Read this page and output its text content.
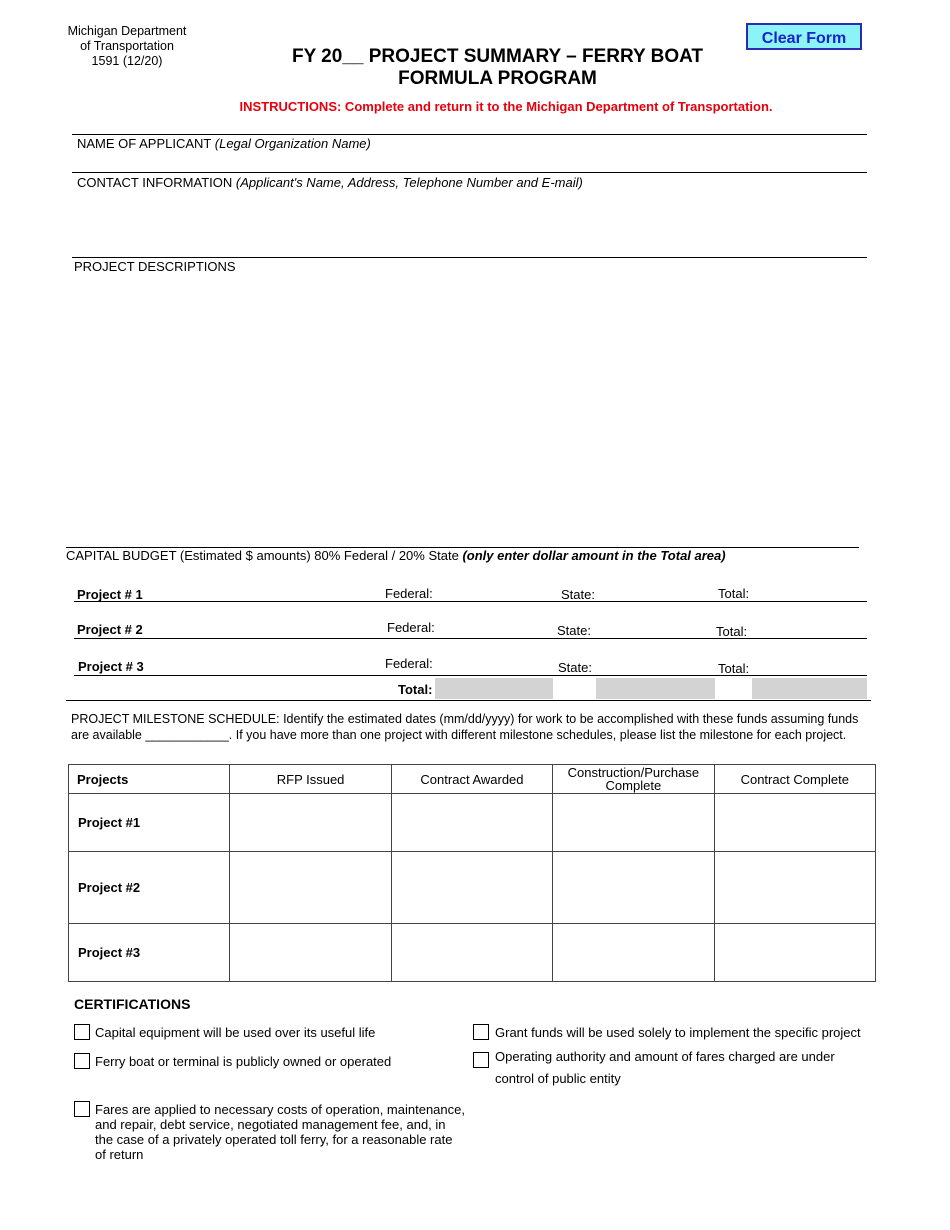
Michigan Department
of Transportation
1591 (12/20)	FY 20__ PROJECT SUMMARY – FERRY BOAT
FORMULA PROGRAM
Clear Form
INSTRUCTIONS: Complete and return it to the Michigan Department of Transportation.
NAME OF APPLICANT (Legal Organization Name)
CONTACT INFORMATION (Applicant's Name, Address, Telephone Number and E-mail)
PROJECT DESCRIPTIONS
CAPITAL BUDGET (Estimated $ amounts) 80% Federal / 20% State (only enter dollar amount in the Total area)
Project # 1	Federal:	State:	Total:
Project # 2	Federal:	State:	Total:
Project # 3	Federal:	State:	Total:
Total:
PROJECT MILESTONE SCHEDULE: Identify the estimated dates (mm/dd/yyyy) for work to be accomplished with these funds assuming funds
are available ____________. If you have more than one project with different milestone schedules, please list the milestone for each project.
Projects	RFP Issued	Contract Awarded	Construction/Purchase Complete	Contract Complete
Project #1				
Project #2				
Project #3				
CERTIFICATIONS
Capital equipment will be used over its useful life
Ferry boat or terminal is publicly owned or operated
Fares are applied to necessary costs of operation, maintenance, and repair, debt service, negotiated management fee, and, in the case of a privately operated toll ferry, for a reasonable rate of return
Grant funds will be used solely to implement the specific project
Operating authority and amount of fares charged are under control of public entity
